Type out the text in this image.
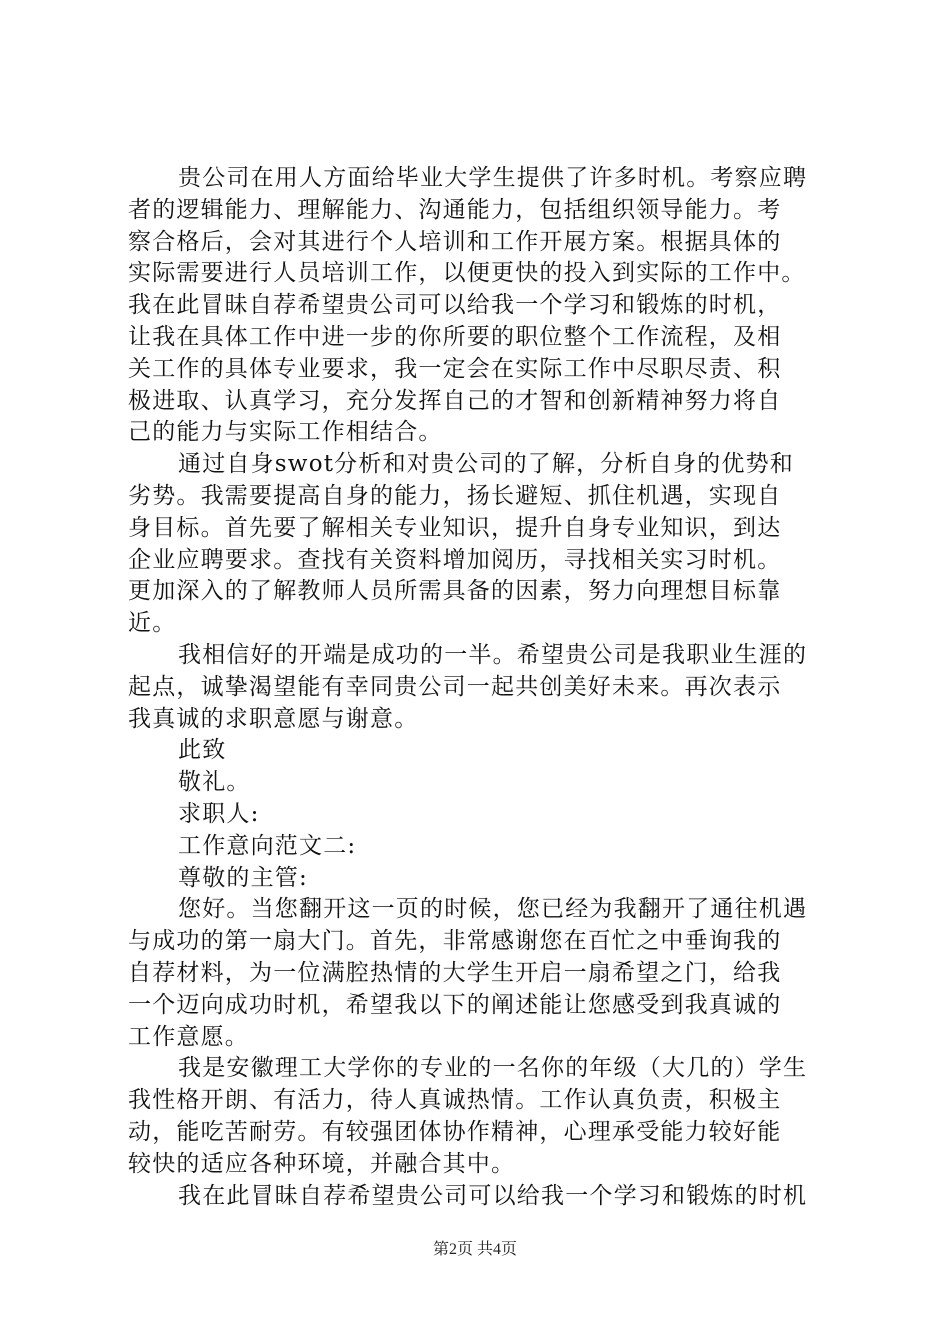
贵公司在用人方面给毕业大学生提供了许多时机。考察应聘
者的逻辑能力、理解能力、沟通能力，包括组织领导能力。考
察合格后，会对其进行个人培训和工作开展方案。根据具体的
实际需要进行人员培训工作，以便更快的投入到实际的工作中。
我在此冒昧自荐希望贵公司可以给我一个学习和锻炼的时机，
让我在具体工作中进一步的你所要的职位整个工作流程，及相
关工作的具体专业要求，我一定会在实际工作中尽职尽责、积
极进取、认真学习，充分发挥自己的才智和创新精神努力将自
己的能力与实际工作相结合。
通过自身swot分析和对贵公司的了解，分析自身的优势和
劣势。我需要提高自身的能力，扬长避短、抓住机遇，实现自
身目标。首先要了解相关专业知识，提升自身专业知识，到达
企业应聘要求。查找有关资料增加阅历，寻找相关实习时机。
更加深入的了解教师人员所需具备的因素，努力向理想目标靠
近。
我相信好的开端是成功的一半。希望贵公司是我职业生涯的
起点，诚挚渴望能有幸同贵公司一起共创美好未来。再次表示
我真诚的求职意愿与谢意。
此致
敬礼。
求职人:
工作意向范文二:
尊敬的主管:
您好。当您翻开这一页的时候，您已经为我翻开了通往机遇
与成功的第一扇大门。首先，非常感谢您在百忙之中垂询我的
自荐材料，为一位满腔热情的大学生开启一扇希望之门，给我
一个迈向成功时机，希望我以下的阐述能让您感受到我真诚的
工作意愿。
我是安徽理工大学你的专业的一名你的年级（大几的）学生
我性格开朗、有活力，待人真诚热情。工作认真负责，积极主
动，能吃苦耐劳。有较强团体协作精神，心理承受能力较好能
较快的适应各种环境，并融合其中。
我在此冒昧自荐希望贵公司可以给我一个学习和锻炼的时机
第2页 共4页
